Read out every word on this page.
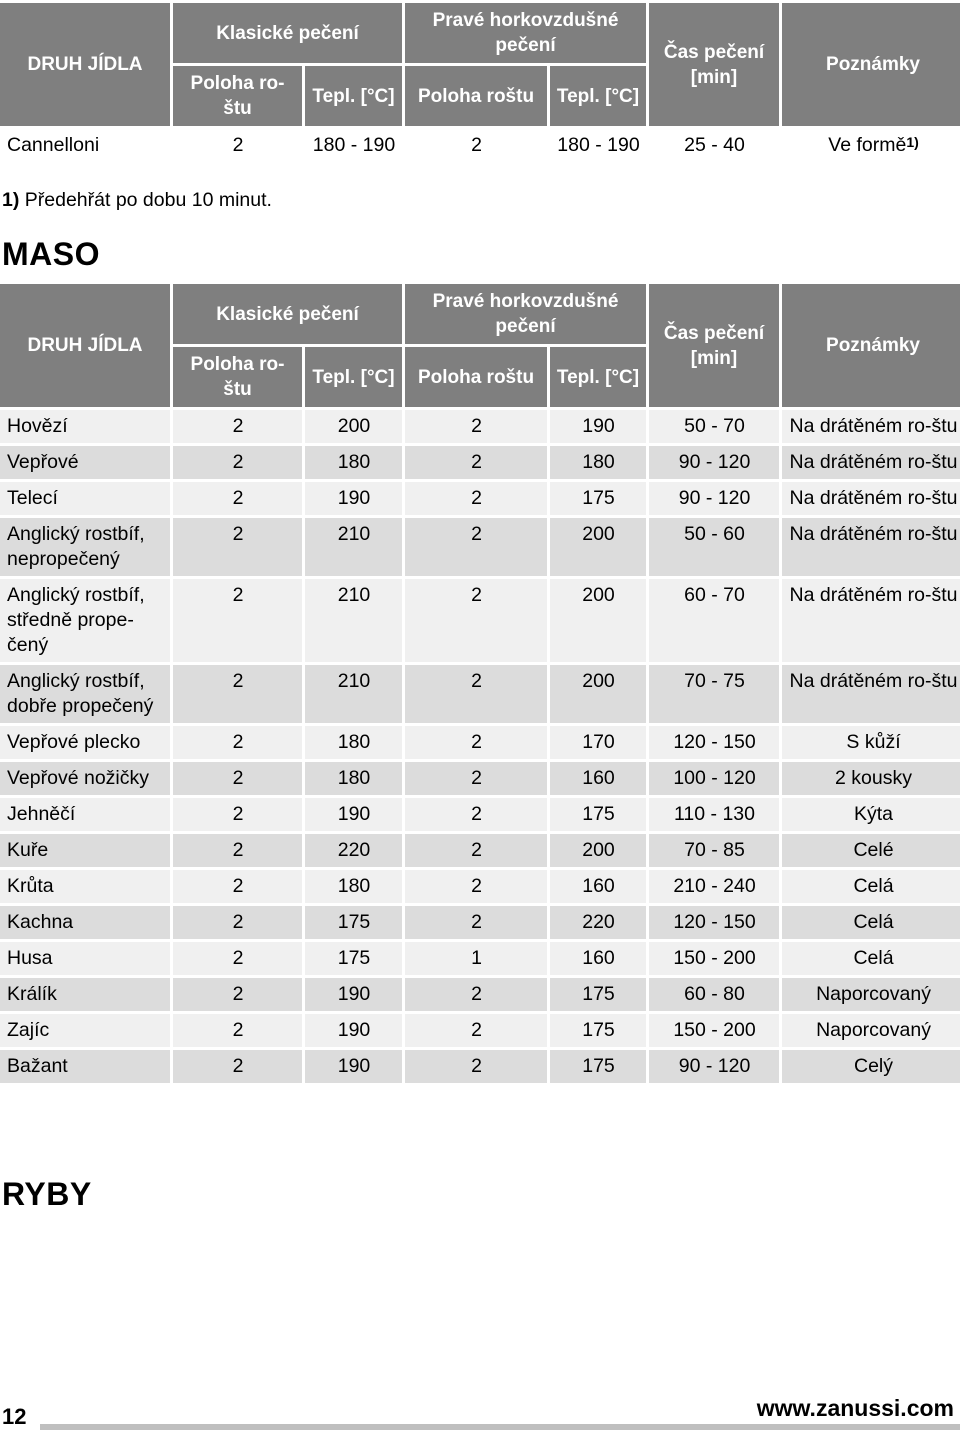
DRUH JÍDLA	Klasické pečení		Pravé horkovzdušné pečení		Čas pečení [min]	Poznámky
	Poloha ro-štu	Tepl. [°C]	Poloha roštu	Tepl. [°C]		
Cannelloni	2	180 - 190	2	180 - 190	25 - 40	Ve formě$^{1)}$
1) Předehřát po dobu 10 minut.
MASO
DRUH JÍDLA	Klasické pečení		Pravé horkovzdušné pečení		Čas pečení [min]	Poznámky
	Poloha ro-štu	Tepl. [°C]	Poloha roštu	Tepl. [°C]		
Hovězí	2	200	2	190	50 - 70	Na drátěném ro-štu
Vepřové	2	180	2	180	90 - 120	Na drátěném ro-štu
Telecí	2	190	2	175	90 - 120	Na drátěném ro-štu
Anglický rostbíf, nepropečený	2	210	2	200	50 - 60	Na drátěném ro-štu
Anglický rostbíf, středně prope-čený	2	210	2	200	60 - 70	Na drátěném ro-štu
Anglický rostbíf, dobře propečený	2	210	2	200	70 - 75	Na drátěném ro-štu
Vepřové plecko	2	180	2	170	120 - 150	S kůží
Vepřové nožičky	2	180	2	160	100 - 120	2 kousky
Jehněčí	2	190	2	175	110 - 130	Kýta
Kuře	2	220	2	200	70 - 85	Celé
Krůta	2	180	2	160	210 - 240	Celá
Kachna	2	175	2	220	120 - 150	Celá
Husa	2	175	1	160	150 - 200	Celá
Králík	2	190	2	175	60 - 80	Naporcovaný
Zajíc	2	190	2	175	150 - 200	Naporcovaný
Bažant	2	190	2	175	90 - 120	Celý
RYBY
12	www.zanussi.com
